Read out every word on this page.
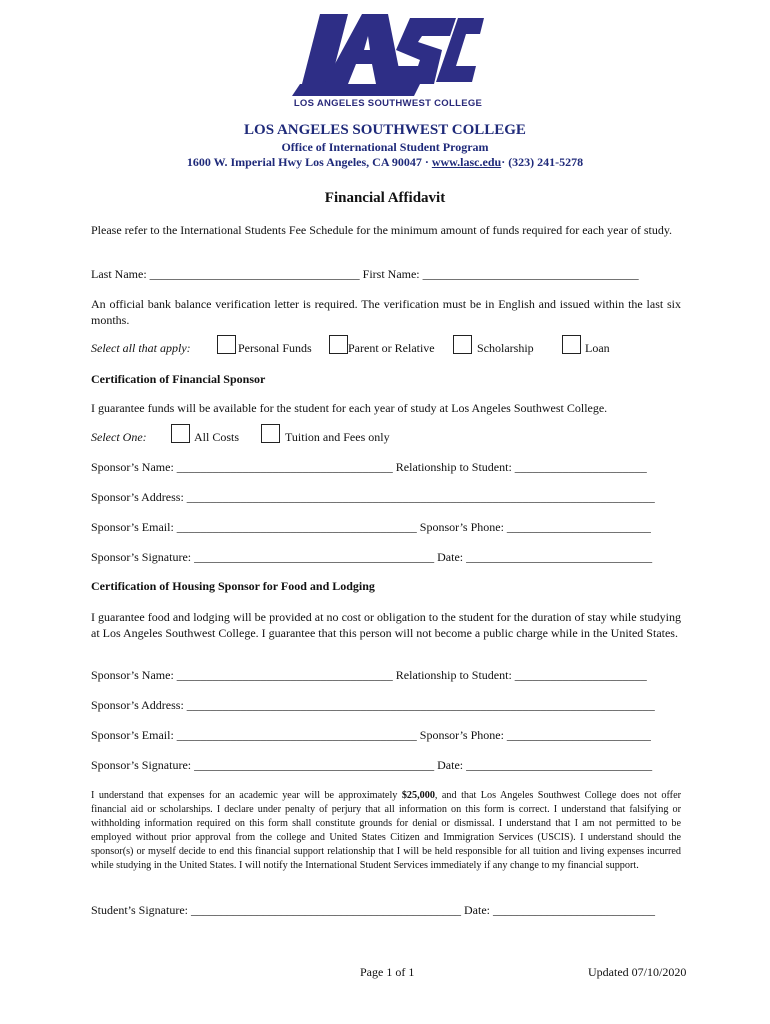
LOS ANGELES SOUTHWEST COLLEGE
LOS ANGELES SOUTHWEST COLLEGE
Office of International Student Program
1600 W. Imperial Hwy Los Angeles, CA 90047 · www.lasc.edu· (323) 241-5278
Financial Affidavit
Please refer to the International Students Fee Schedule for the minimum amount of funds required for each year of study.
Last Name: ___________________________________ First Name: ____________________________________
An official bank balance verification letter is required. The verification must be in English and issued within the last six months.
Select all that apply:	Personal Funds	Parent or Relative	Scholarship	Loan
Certification of Financial Sponsor
I guarantee funds will be available for the student for each year of study at Los Angeles Southwest College.
Select One:	All Costs	Tuition and Fees only
Sponsor’s Name: ____________________________________ Relationship to Student: ______________________
Sponsor’s Address: ______________________________________________________________________________
Sponsor’s Email: ________________________________________ Sponsor’s Phone: ________________________
Sponsor’s Signature: ________________________________________ Date: _______________________________
Certification of Housing Sponsor for Food and Lodging
I guarantee food and lodging will be provided at no cost or obligation to the student for the duration of stay while studying at Los Angeles Southwest College. I guarantee that this person will not become a public charge while in the United States.
Sponsor’s Name: ____________________________________ Relationship to Student: ______________________
Sponsor’s Address: ______________________________________________________________________________
Sponsor’s Email: ________________________________________ Sponsor’s Phone: ________________________
Sponsor’s Signature: ________________________________________ Date: _______________________________
I understand that expenses for an academic year will be approximately $25,000, and that Los Angeles Southwest College does not offer financial aid or scholarships. I declare under penalty of perjury that all information on this form is correct. I understand that falsifying or withholding information required on this form shall constitute grounds for denial or dismissal. I understand that I am not permitted to be employed without prior approval from the college and United States Citizen and Immigration Services (USCIS). I understand should the sponsor(s) or myself decide to end this financial support relationship that I will be held responsible for all tuition and living expenses incurred while studying in the United States. I will notify the International Student Services immediately if any change to my financial support.
Student’s Signature: _____________________________________________ Date: ___________________________
Page 1 of 1	Updated 07/10/2020
